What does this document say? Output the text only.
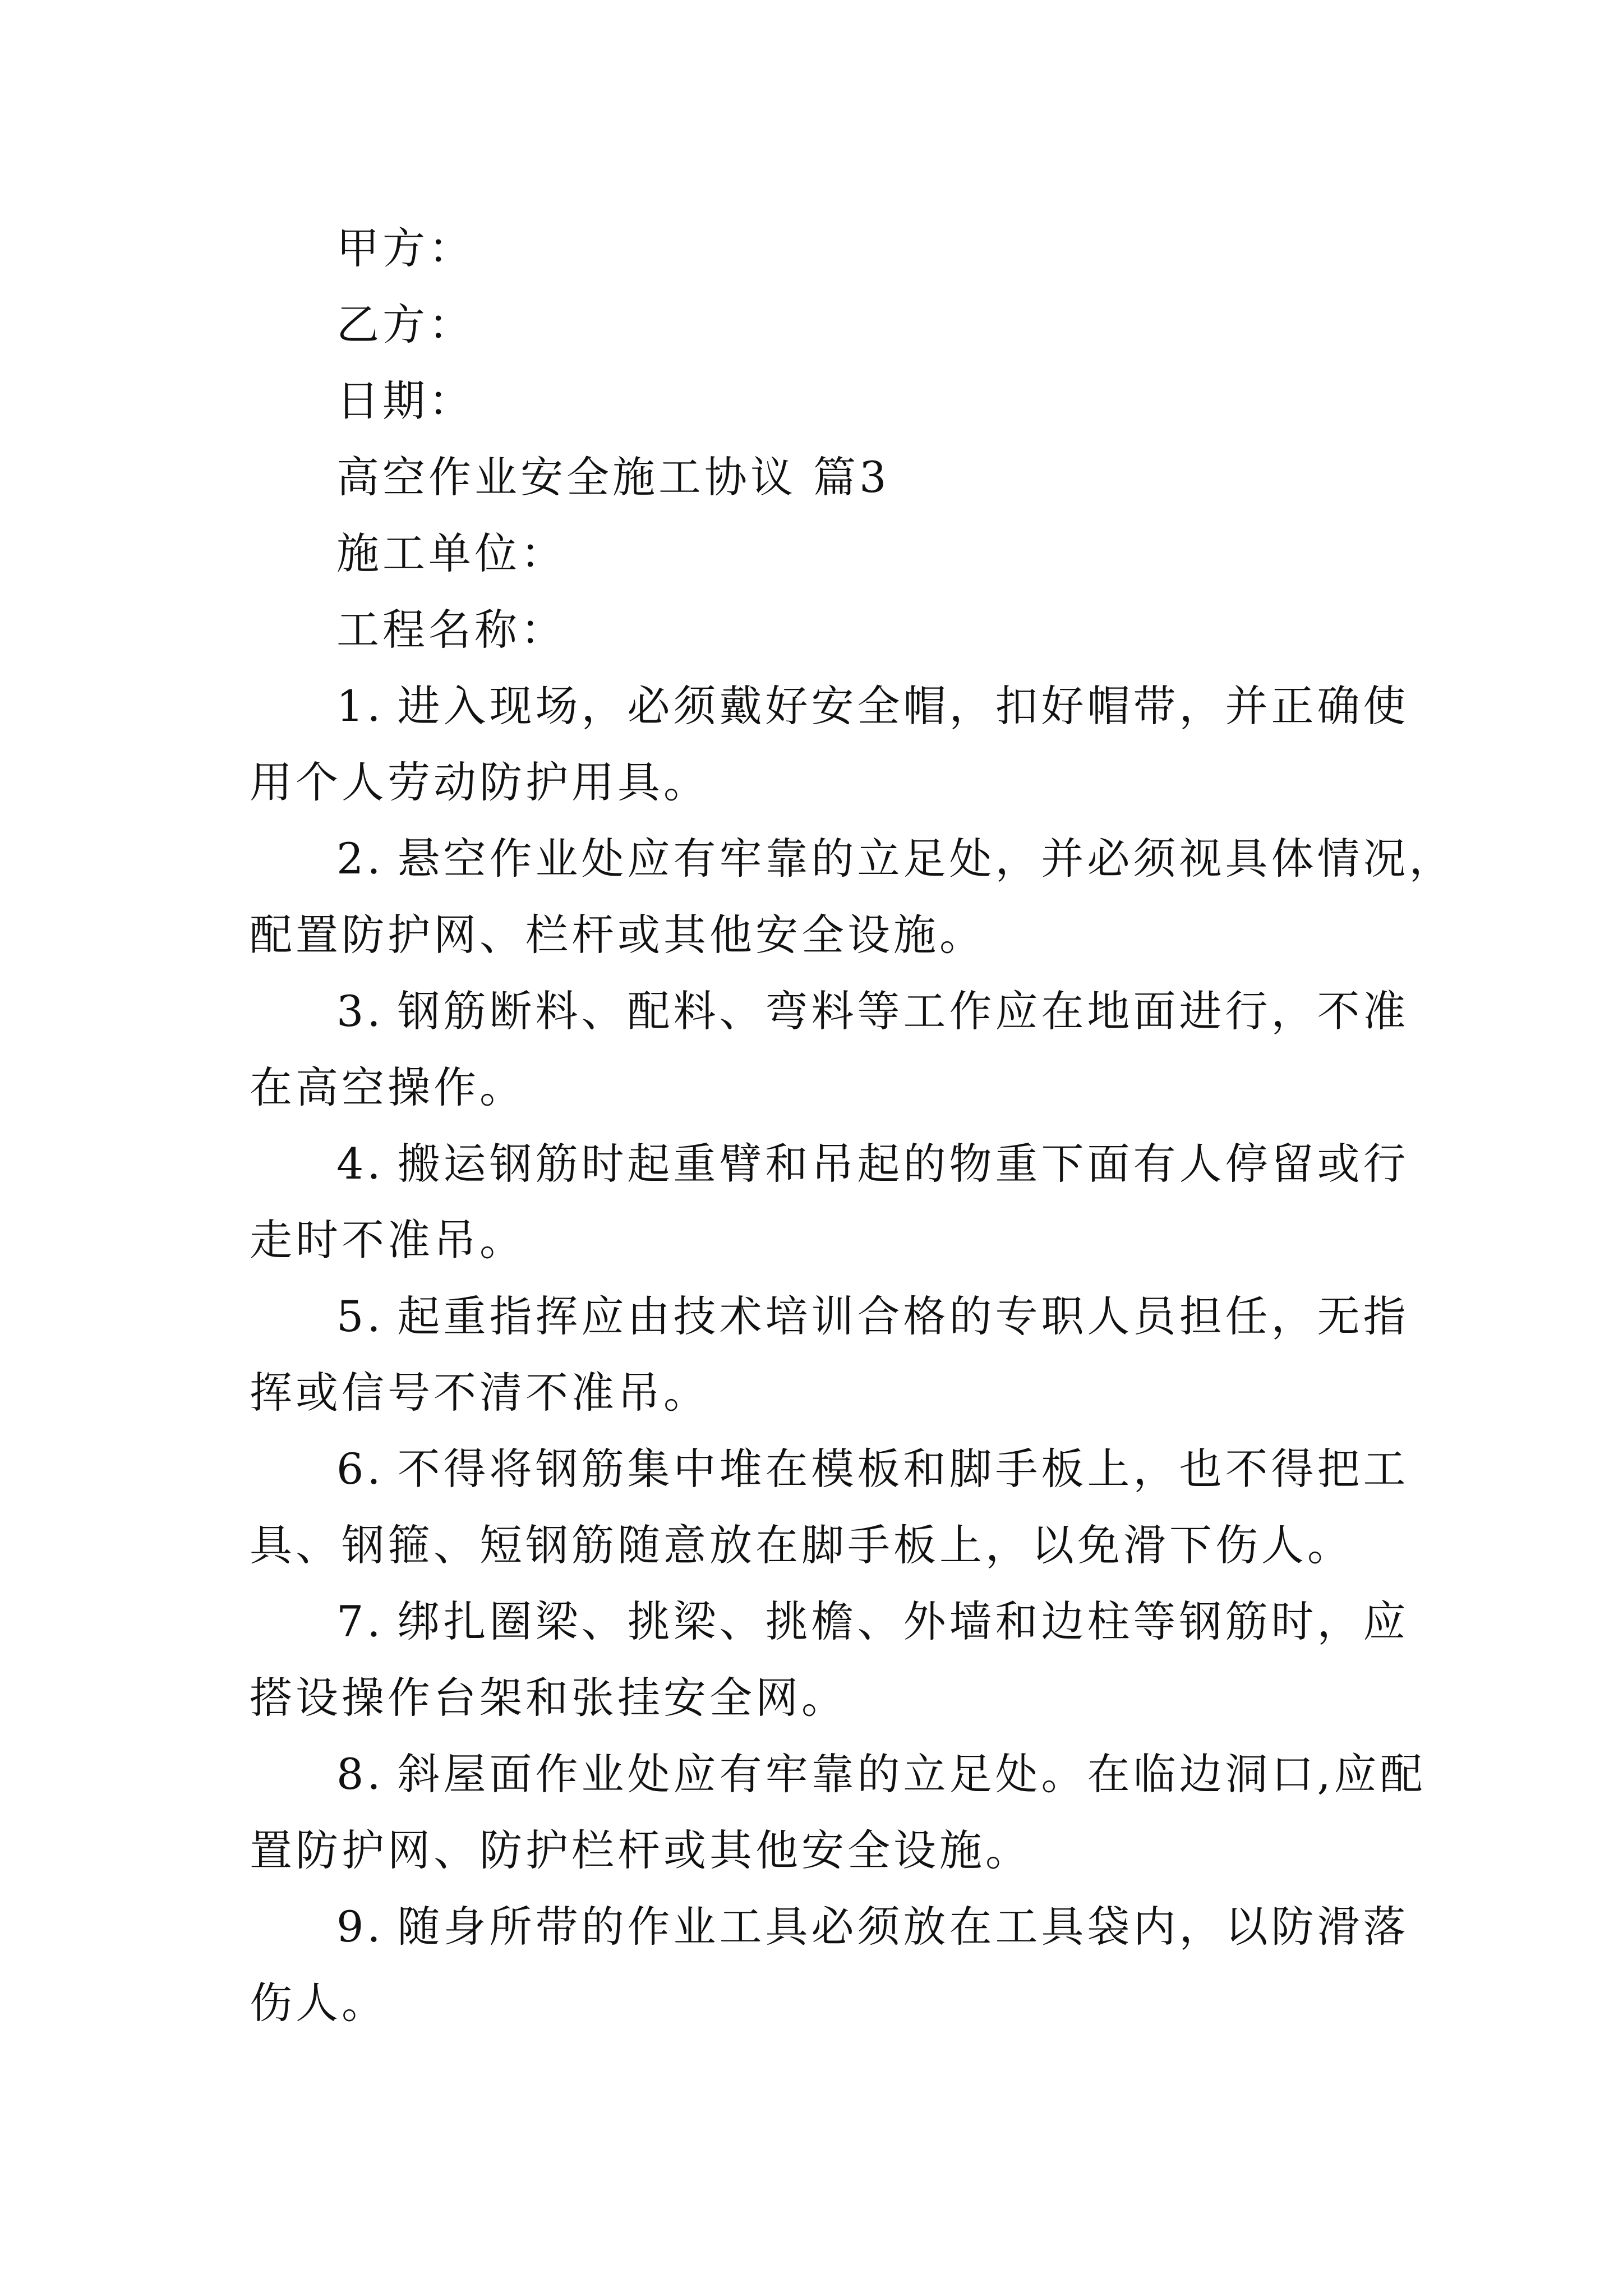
甲方：

乙方：

日期：

高空作业安全施工协议 篇3

施工单位：

工程名称：

1. 进入现场，必须戴好安全帽，扣好帽带，并正确使

用个人劳动防护用具。

2. 悬空作业处应有牢靠的立足处，并必须视具体情况，

配置防护网、栏杆或其他安全设施。

3. 钢筋断料、配料、弯料等工作应在地面进行，不准

在高空操作。

4. 搬运钢筋时起重臂和吊起的物重下面有人停留或行

走时不准吊。

5. 起重指挥应由技术培训合格的专职人员担任，无指

挥或信号不清不准吊。

6. 不得将钢筋集中堆在模板和脚手板上，也不得把工

具、钢箍、短钢筋随意放在脚手板上，以免滑下伤人。

7. 绑扎圈梁、挑梁、挑檐、外墙和边柱等钢筋时，应

搭设操作台架和张挂安全网。

8. 斜屋面作业处应有牢靠的立足处。在临边洞口,应配

置防护网、防护栏杆或其他安全设施。

9. 随身所带的作业工具必须放在工具袋内，以防滑落

伤人。
